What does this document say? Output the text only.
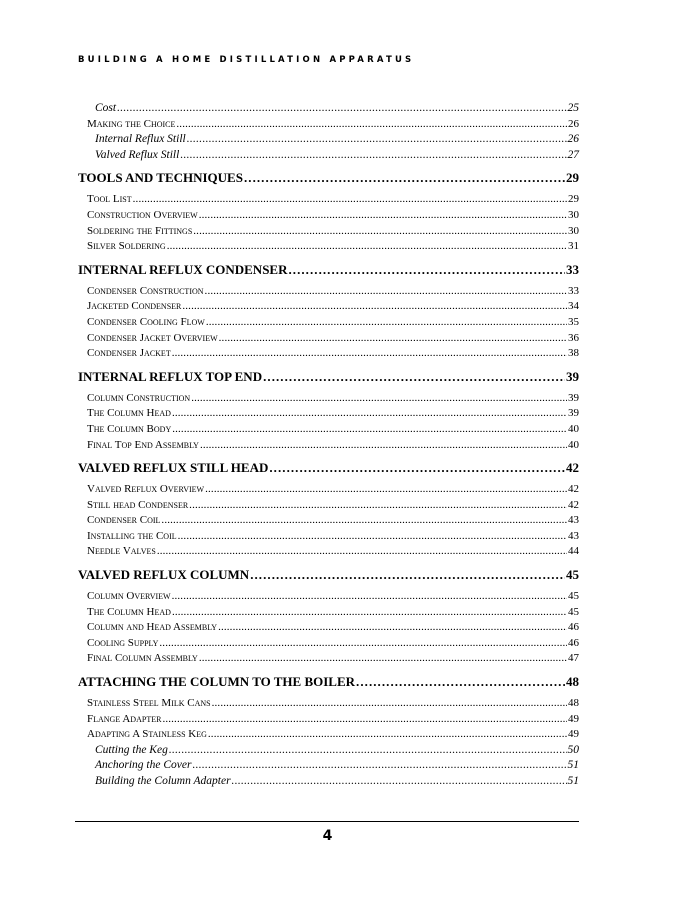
BUILDING A HOME DISTILLATION APPARATUS
Cost . . .	25
Making the Choice . . .	26
Internal Reflux Still . . .	26
Valved Reflux Still . . .	27
TOOLS AND TECHNIQUES . . .	29
Tool List . . .	29
Construction Overview . . .	30
Soldering the Fittings . . .	30
Silver Soldering . . .	31
INTERNAL REFLUX CONDENSER . . .	33
Condenser Construction . . .	33
Jacketed Condenser . . .	34
Condenser Cooling Flow . . .	35
Condenser Jacket Overview . . .	36
Condenser Jacket . . .	38
INTERNAL REFLUX TOP END . . .	39
Column Construction . . .	39
The Column Head . . .	39
The Column Body . . .	40
Final Top End Assembly . . .	40
VALVED REFLUX STILL HEAD . . .	42
Valved Reflux Overview . . .	42
Still head Condenser . . .	42
Condenser Coil . . .	43
Installing the Coil . . .	43
Needle Valves . . .	44
VALVED REFLUX COLUMN . . .	45
Column Overview . . .	45
The Column Head . . .	45
Column and Head Assembly . . .	46
Cooling Supply . . .	46
Final Column Assembly . . .	47
ATTACHING THE COLUMN TO THE BOILER . . .	48
Stainless Steel Milk Cans . . .	48
Flange Adapter . . .	49
Adapting A Stainless Keg . . .	49
Cutting the Keg . . .	50
Anchoring the Cover . . .	51
Building the Column Adapter . . .	51
4
